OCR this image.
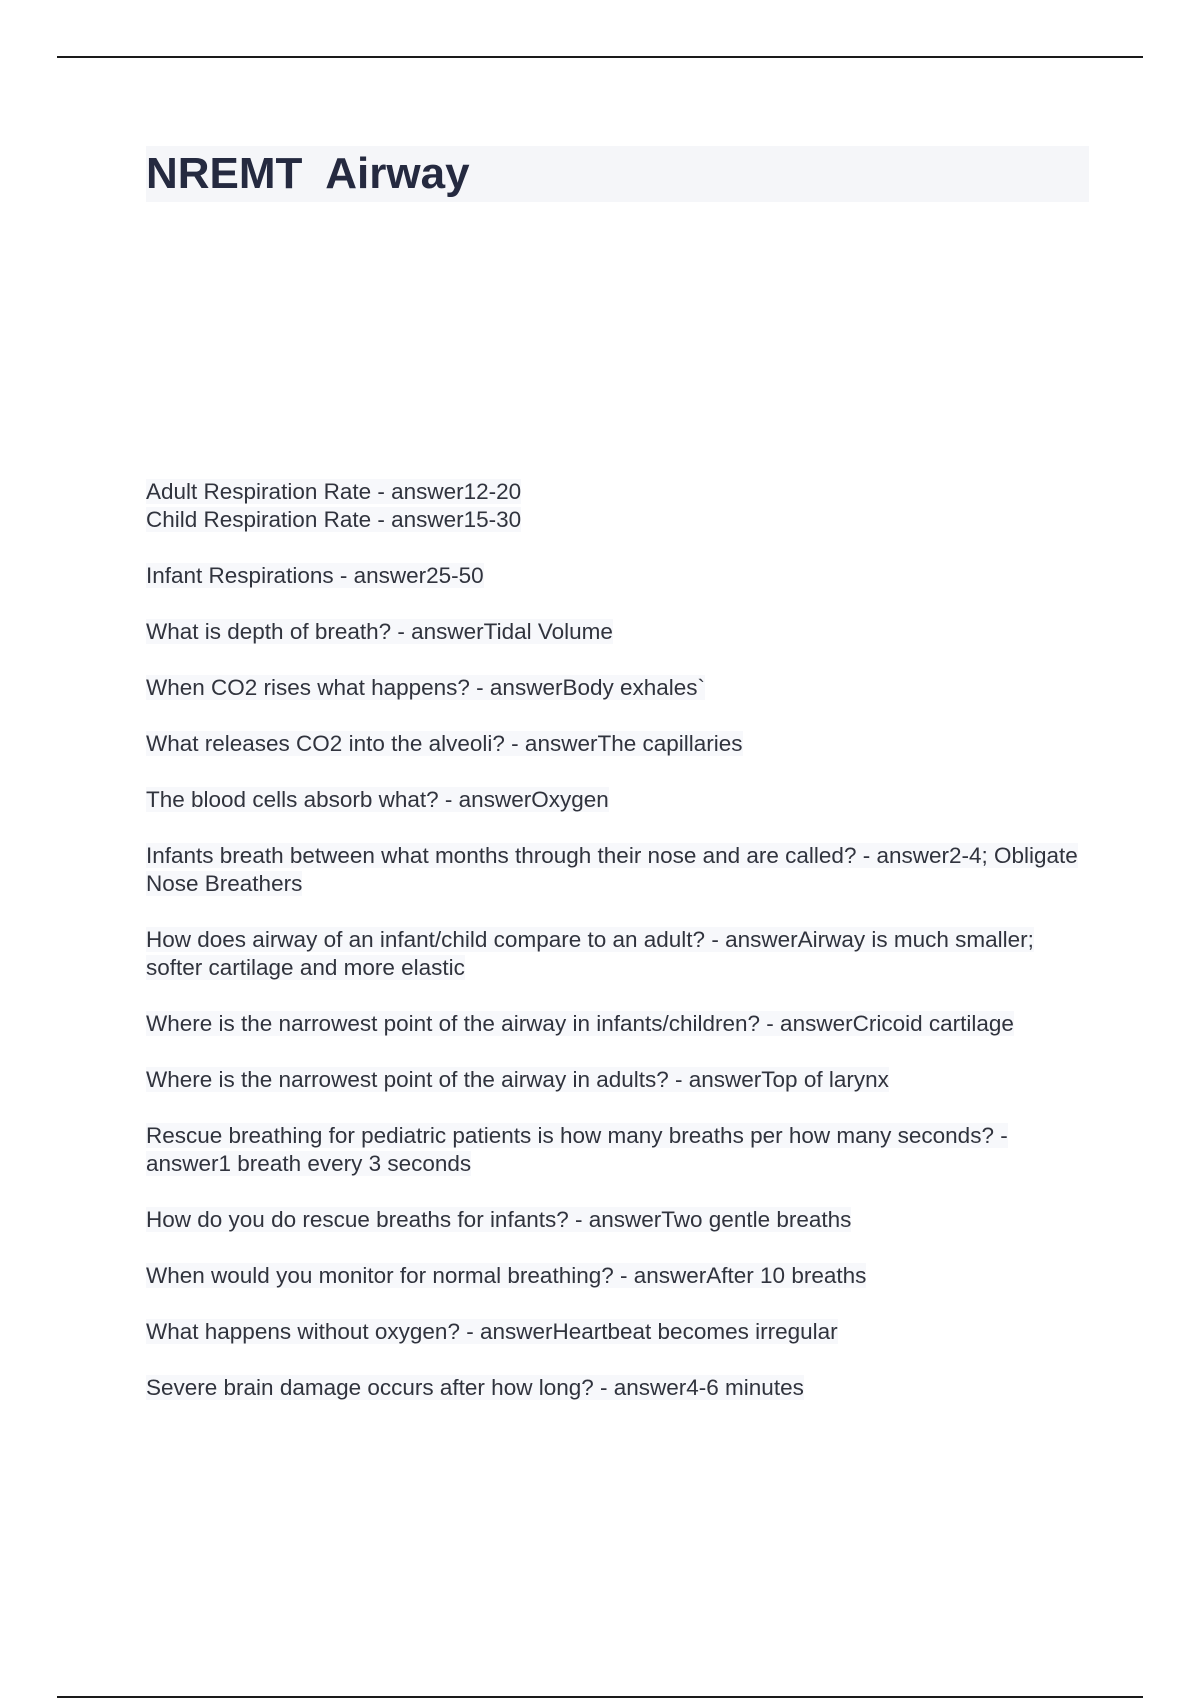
NREMT  Airway

Adult Respiration Rate - answer12-20

Child Respiration Rate - answer15-30

Infant Respirations - answer25-50

What is depth of breath? - answerTidal Volume

When CO2 rises what happens? - answerBody exhales`

What releases CO2 into the alveoli? - answerThe capillaries

The blood cells absorb what? - answerOxygen

Infants breath between what months through their nose and are called? - answer2-4; Obligate Nose Breathers

How does airway of an infant/child compare to an adult? - answerAirway is much smaller; softer cartilage and more elastic

Where is the narrowest point of the airway in infants/children? - answerCricoid cartilage

Where is the narrowest point of the airway in adults? - answerTop of larynx

Rescue breathing for pediatric patients is how many breaths per how many seconds? - answer1 breath every 3 seconds

How do you do rescue breaths for infants? - answerTwo gentle breaths

When would you monitor for normal breathing? - answerAfter 10 breaths

What happens without oxygen? - answerHeartbeat becomes irregular

Severe brain damage occurs after how long? - answer4-6 minutes
